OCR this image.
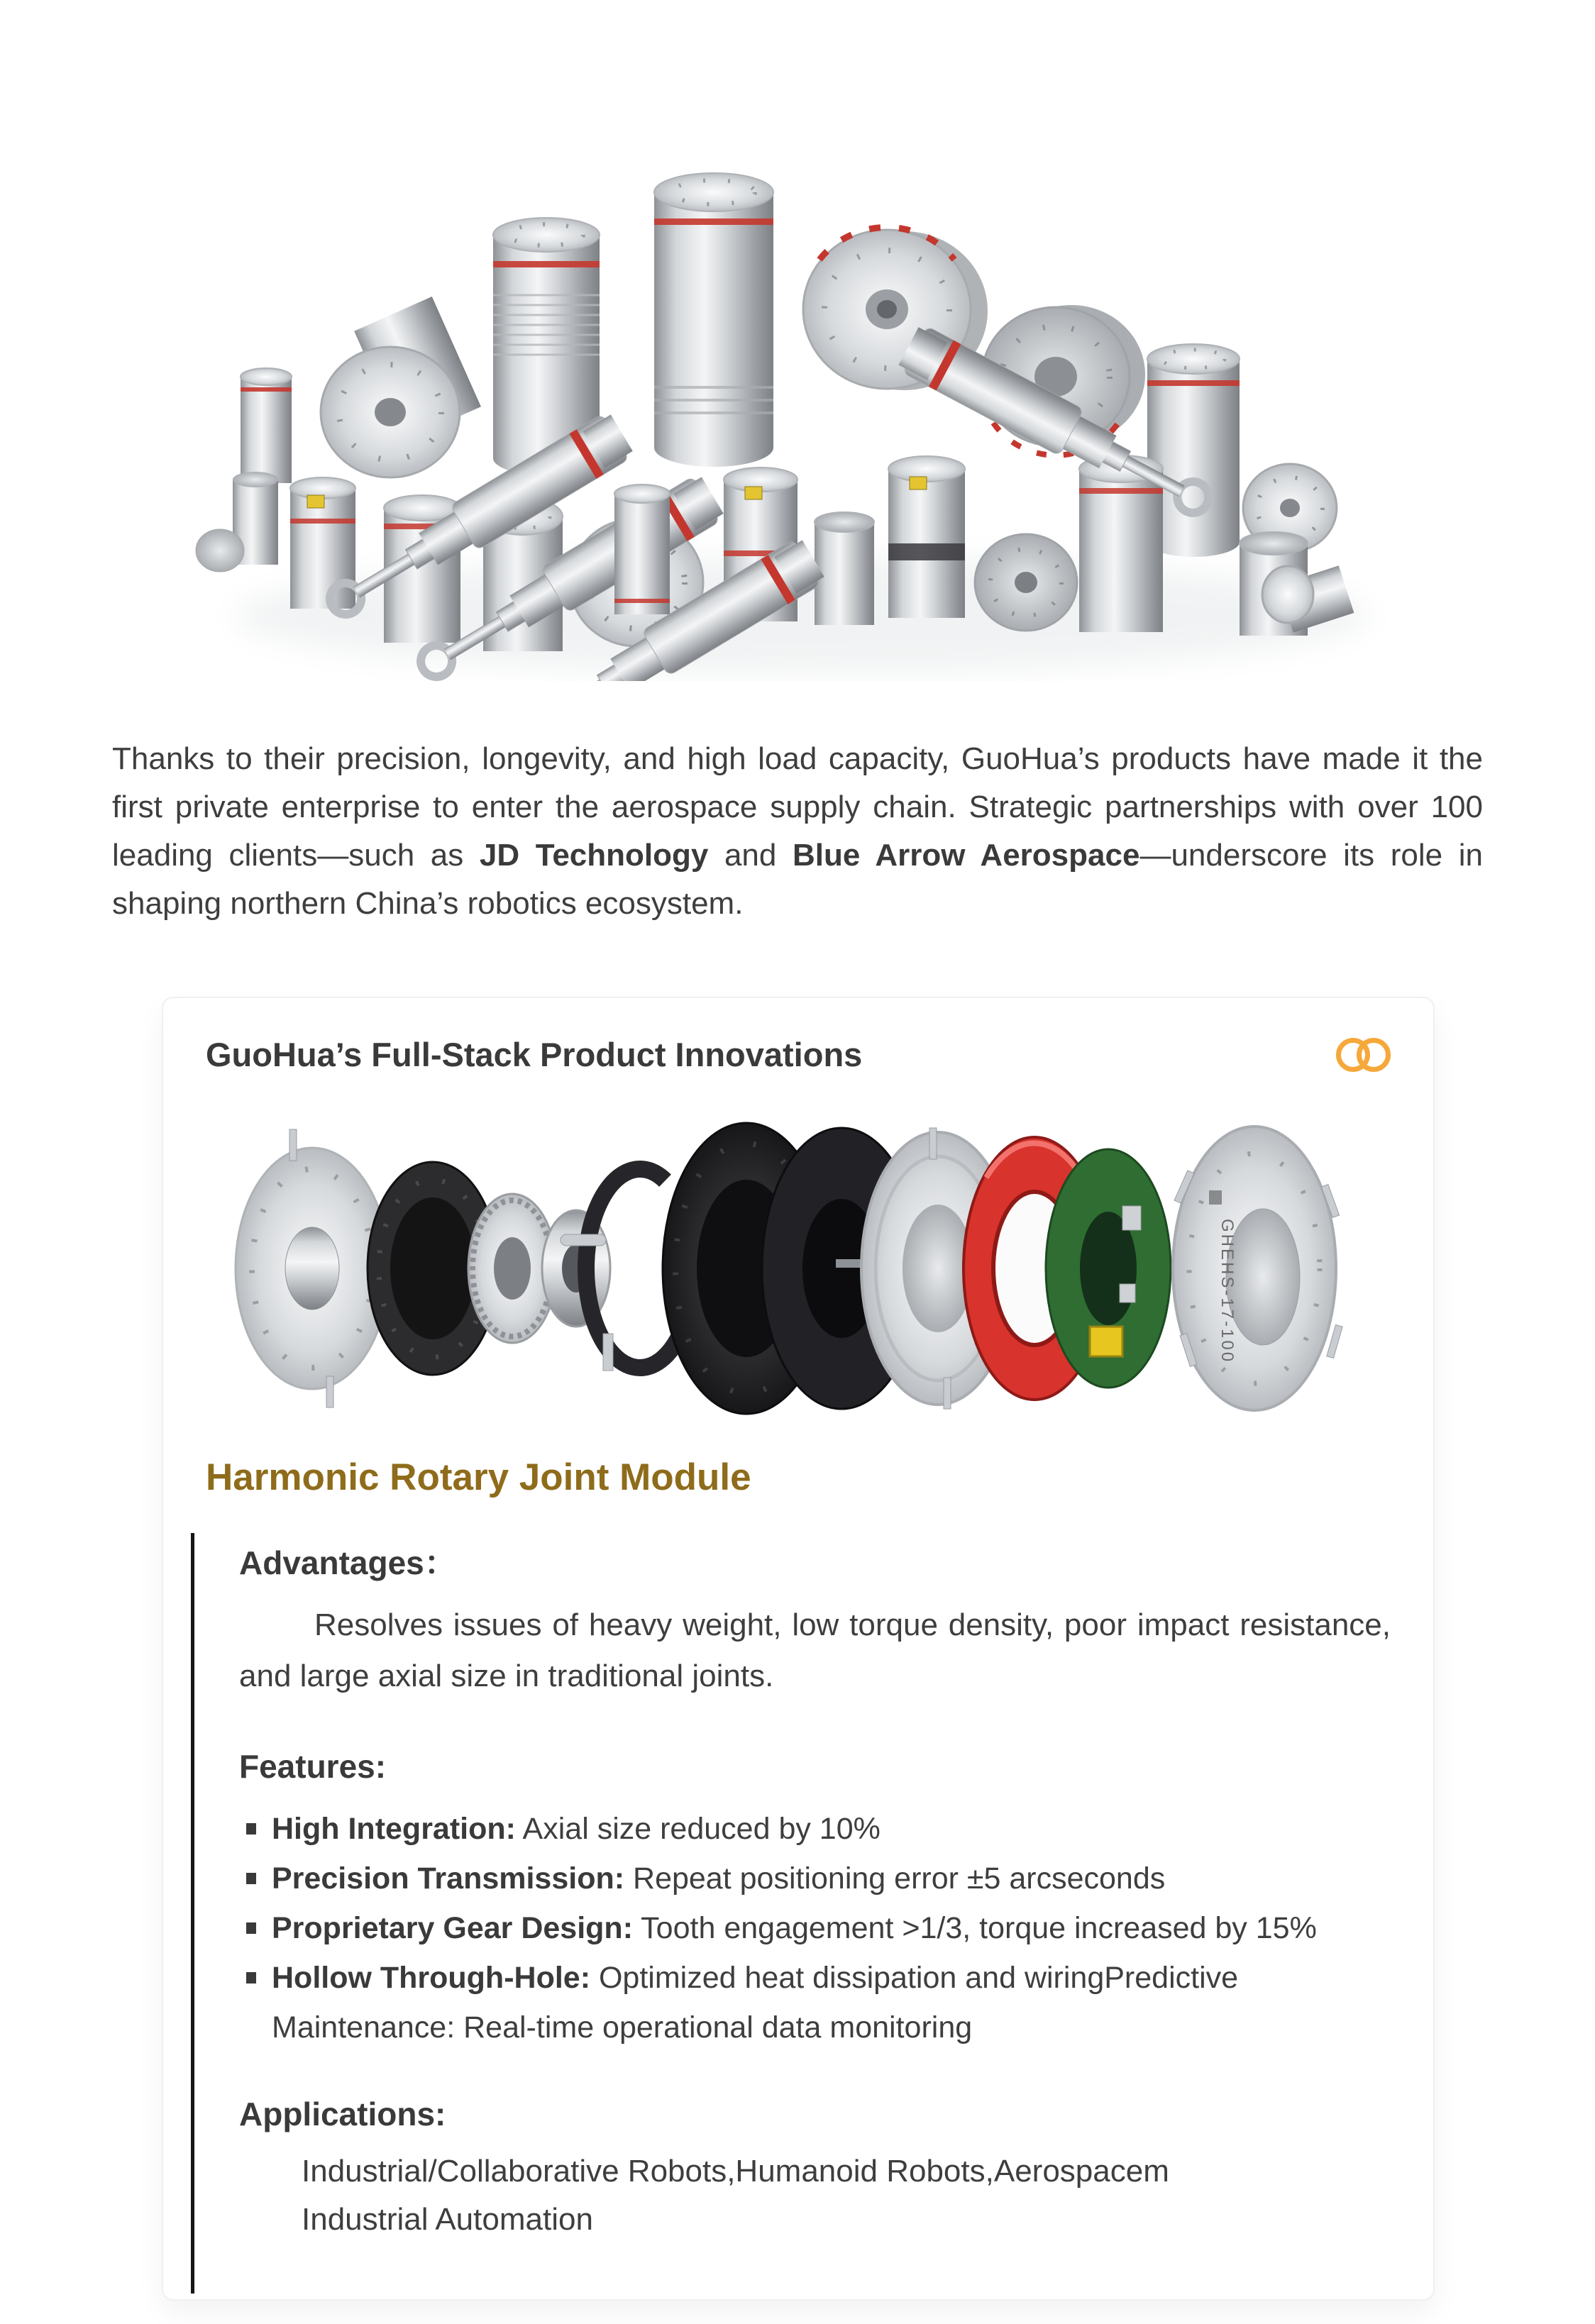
Thanks to their precision, longevity, and high load capacity, GuoHua’s products have made it the first private enterprise to enter the aerospace supply chain. Strategic partnerships with over 100 leading clients—such as JD Technology and Blue Arrow Aerospace—underscore its role in shaping northern China’s robotics ecosystem.

GuoHua’s Full-Stack Product Innovations
GHEHS-17-100
Harmonic Rotary Joint Module
Advantages：

Resolves issues of heavy weight, low torque density, poor impact resistance, and large axial size in traditional joints.

Features:
High Integration: Axial size reduced by 10%
Precision Transmission: Repeat positioning error ±5 arcseconds
Proprietary Gear Design: Tooth engagement >1/3, torque increased by 15%
Hollow Through-Hole: Optimized heat dissipation and wiringPredictive
Maintenance: Real-time operational data monitoring
Applications:
Industrial/Collaborative Robots,Humanoid Robots,Aerospacem
Industrial Automation
